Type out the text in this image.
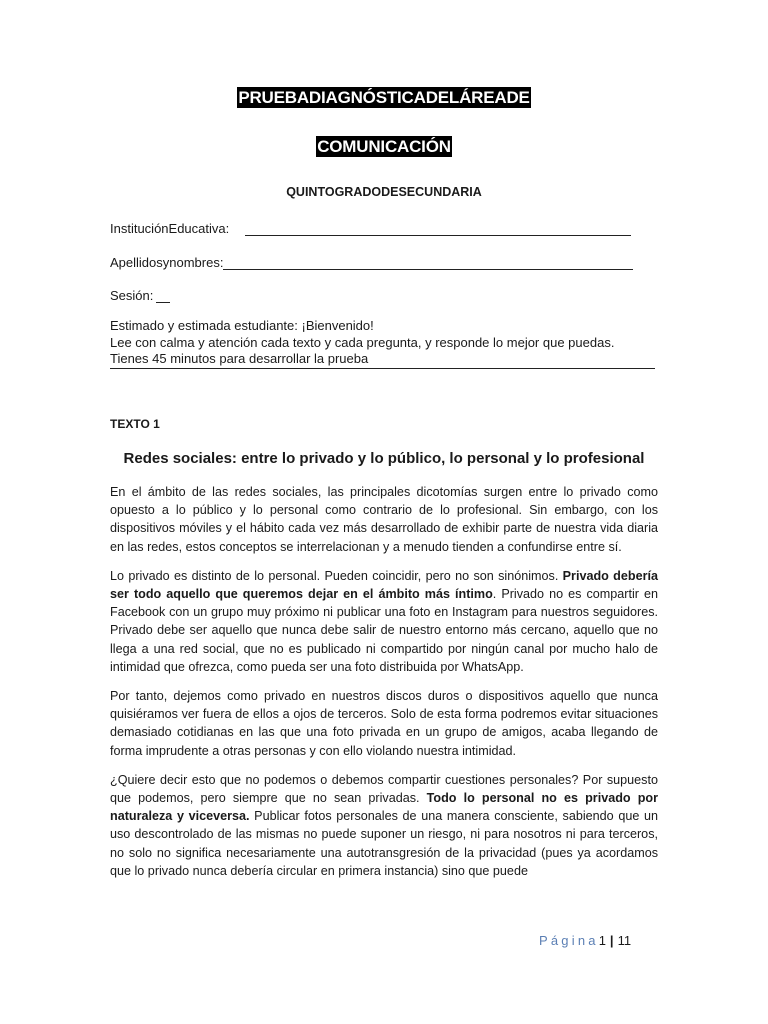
PRUEBADIAGNÓSTICADELÁREADE
COMUNICACIÓN
QUINTOGRADODESECUNDARIA
InstituciónEducativa:
Apellidosynombres:
Sesión:
Estimado y estimada estudiante: ¡Bienvenido!
Lee con calma y atención cada texto y cada pregunta, y responde lo mejor que puedas.
Tienes 45 minutos para desarrollar la prueba
TEXTO 1
Redes sociales: entre lo privado y lo público, lo personal y lo profesional

En el ámbito de las redes sociales, las principales dicotomías surgen entre lo privado como opuesto a lo público y lo personal como contrario de lo profesional. Sin embargo, con los dispositivos móviles y el hábito cada vez más desarrollado de exhibir parte de nuestra vida diaria en las redes, estos conceptos se interrelacionan y a menudo tienden a confundirse entre sí.

Lo privado es distinto de lo personal. Pueden coincidir, pero no son sinónimos. Privado debería ser todo aquello que queremos dejar en el ámbito más íntimo. Privado no es compartir en Facebook con un grupo muy próximo ni publicar una foto en Instagram para nuestros seguidores. Privado debe ser aquello que nunca debe salir de nuestro entorno más cercano, aquello que no llega a una red social, que no es publicado ni compartido por ningún canal por mucho halo de intimidad que ofrezca, como pueda ser una foto distribuida por WhatsApp.

Por tanto, dejemos como privado en nuestros discos duros o dispositivos aquello que nunca quisiéramos ver fuera de ellos a ojos de terceros. Solo de esta forma podremos evitar situaciones demasiado cotidianas en las que una foto privada en un grupo de amigos, acaba llegando de forma imprudente a otras personas y con ello violando nuestra intimidad.

¿Quiere decir esto que no podemos o debemos compartir cuestiones personales? Por supuesto que podemos, pero siempre que no sean privadas. Todo lo personal no es privado por naturaleza y viceversa. Publicar fotos personales de una manera consciente, sabiendo que un uso descontrolado de las mismas no puede suponer un riesgo, ni para nosotros ni para terceros, no solo no significa necesariamente una autotransgresión de la privacidad (pues ya acordamos que lo privado nunca debería circular en primera instancia) sino que puede

Página1 | 11
